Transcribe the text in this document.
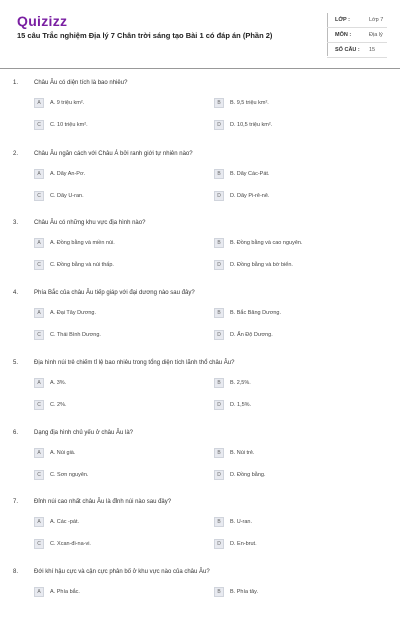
Quizizz
15 câu Trắc nghiệm Địa lý 7 Chân trời sáng tạo Bài 1 có đáp án (Phần 2)
LỚP :	Lớp 7
MÔN :	Địa lý
SỐ CÂU : 15
1.	Châu Âu có diện tích là bao nhiêu?
A	A. 9 triệu km².	B	B. 9,5 triệu km².
C	C. 10 triệu km².	D	D. 10,5 triệu km².
2.	Châu Âu ngăn cách với Châu Á bởi ranh giới tự nhiên nào?
A	A. Dãy An-Pơ.	B	B. Dãy Các-Pát.
C	C. Dãy U-ran.	D	D. Dãy Pi-rê-nê.
3.	Châu Âu có những khu vực địa hình nào?
A	A. Đồng bằng và miền núi.	B	B. Đồng bằng và cao nguyên.
C	C. Đồng bằng và núi thấp.	D	D. Đồng bằng và bờ biển.
4.	Phía Bắc của châu Âu tiếp giáp với đại dương nào sau đây?
A	A. Đại Tây Dương.	B	B. Bắc Băng Dương.
C	C. Thái Bình Dương.	D	D. Ấn Độ Dương.
5.	Địa hình núi trẻ chiếm tỉ lệ bao nhiêu trong tổng diện tích lãnh thổ châu Âu?
A	A. 3%.	B	B. 2,5%.
C	C. 2%.	D	D. 1,5%.
6.	Dạng địa hình chủ yếu ở châu Âu là?
A	A. Núi già.	B	B. Núi trẻ.
C	C. Sơn nguyên.	D	D. Đồng bằng.
7.	Đỉnh núi cao nhất châu Âu là đỉnh núi nào sau đây?
A	A. Các -pát.	B	B. U-ran.
C	C. Xcan-đi-na-vi.	D	D. En-brut.
8.	Đới khí hậu cực và cận cực phân bố ở khu vực nào của châu Âu?
A	A. Phía bắc.	B	B. Phía tây.
